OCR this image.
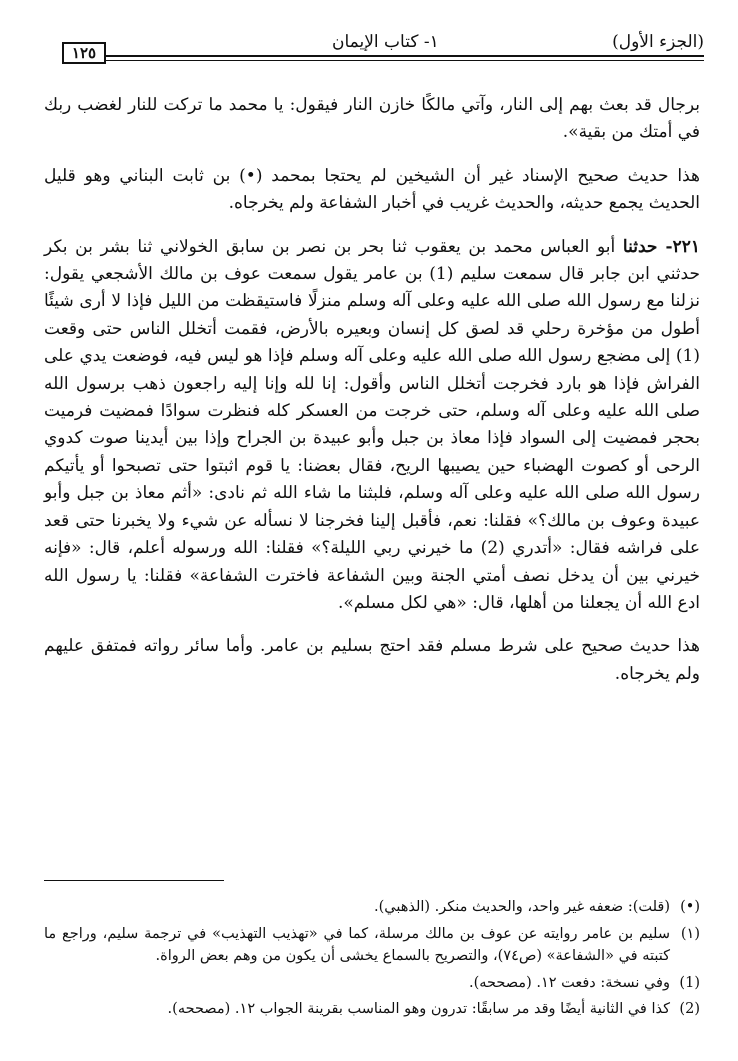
١٢٥
١- كتاب الإيمان	(الجزء الأول)

برجال قد بعث بهم إلى النار، وآتي مالكًا خازن النار فيقول: يا محمد ما تركت للنار لغضب ربك في أمتك من بقية».

هذا حديث صحيح الإسناد غير أن الشيخين لم يحتجا بمحمد (•) بن ثابت البناني وهو قليل الحديث يجمع حديثه، والحديث غريب في أخبار الشفاعة ولم يخرجاه.

٢٢١- حدثنا أبو العباس محمد بن يعقوب ثنا بحر بن نصر بن سابق الخولاني ثنا بشر بن بكر حدثني ابن جابر قال سمعت سليم (1) بن عامر يقول سمعت عوف بن مالك الأشجعي يقول: نزلنا مع رسول الله صلى الله عليه وعلى آله وسلم منزلًا فاستيقظت من الليل فإذا لا أرى شيئًا أطول من مؤخرة رحلي قد لصق كل إنسان وبعيره بالأرض، فقمت أتخلل الناس حتى وقعت (1) إلى مضجع رسول الله صلى الله عليه وعلى آله وسلم فإذا هو ليس فيه، فوضعت يدي على الفراش فإذا هو بارد فخرجت أتخلل الناس وأقول: إنا لله وإنا إليه راجعون ذهب برسول الله صلى الله عليه وعلى آله وسلم، حتى خرجت من العسكر كله فنظرت سوادًا فمضيت فرميت بحجر فمضيت إلى السواد فإذا معاذ بن جبل وأبو عبيدة بن الجراح وإذا بين أيدينا صوت كدوي الرحى أو كصوت الهضباء حين يصيبها الريح، فقال بعضنا: يا قوم اثبتوا حتى تصبحوا أو يأتيكم رسول الله صلى الله عليه وعلى آله وسلم، فلبثنا ما شاء الله ثم نادى: «أثم معاذ بن جبل وأبو عبيدة وعوف بن مالك؟» فقلنا: نعم، فأقبل إلينا فخرجنا لا نسأله عن شيء ولا يخبرنا حتى قعد على فراشه فقال: «أتدري (2) ما خيرني ربي الليلة؟» فقلنا: الله ورسوله أعلم، قال: «فإنه خيرني بين أن يدخل نصف أمتي الجنة وبين الشفاعة فاخترت الشفاعة» فقلنا: يا رسول الله ادع الله أن يجعلنا من أهلها، قال: «هي لكل مسلم».

هذا حديث صحيح على شرط مسلم فقد احتج بسليم بن عامر. وأما سائر رواته فمتفق عليهم ولم يخرجاه.

(•)
(قلت): ضعفه غير واحد، والحديث منكر. (الذهبي).
(١)
سليم بن عامر روايته عن عوف بن مالك مرسلة، كما في «تهذيب التهذيب» في ترجمة سليم، وراجع ما كتبته في «الشفاعة» (ص٧٤)، والتصريح بالسماع يخشى أن يكون من وهم بعض الرواة.
(1)
وفي نسخة: دفعت ١٢. (مصححه).
(2)
كذا في الثانية أيضًا وقد مر سابقًا: تدرون وهو المناسب بقرينة الجواب ١٢. (مصححه).
